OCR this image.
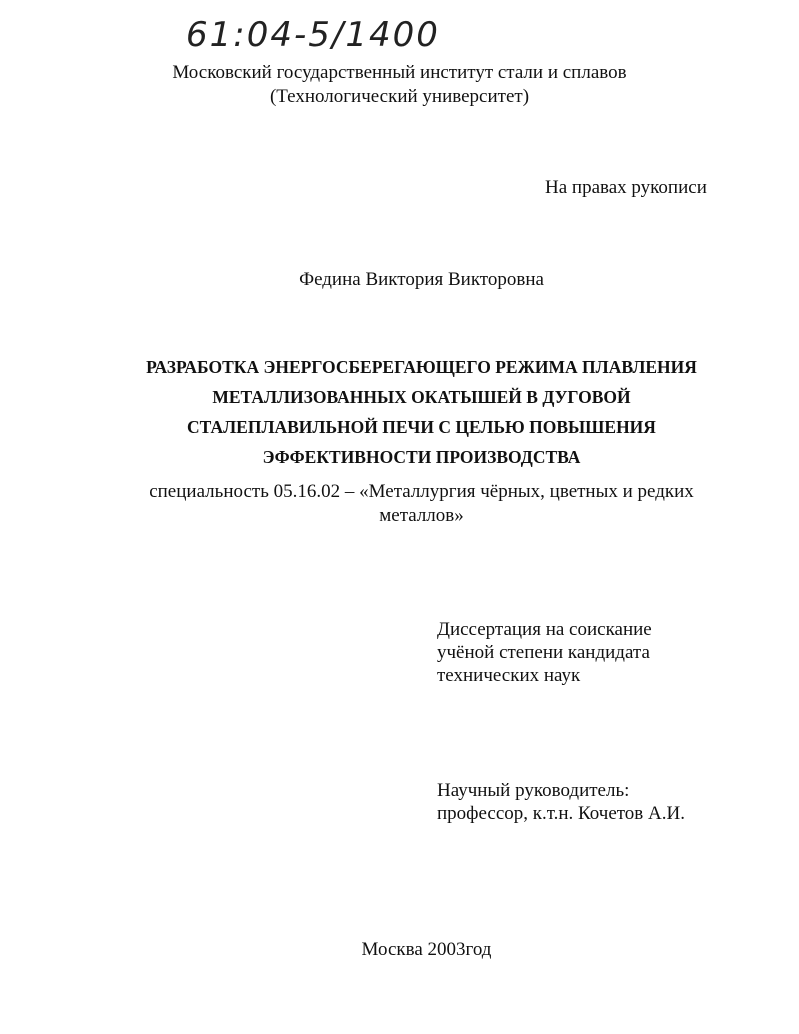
61:04-5/1400
Московский государственный институт стали и сплавов
(Технологический университет)
На правах рукописи
Федина Виктория Викторовна
РАЗРАБОТКА ЭНЕРГОСБЕРЕГАЮЩЕГО РЕЖИМА ПЛАВЛЕНИЯ
МЕТАЛЛИЗОВАННЫХ ОКАТЫШЕЙ В ДУГОВОЙ
СТАЛЕПЛАВИЛЬНОЙ ПЕЧИ С ЦЕЛЬЮ ПОВЫШЕНИЯ
ЭФФЕКТИВНОСТИ ПРОИЗВОДСТВА
специальность 05.16.02 – «Металлургия чёрных, цветных и редких
металлов»
Диссертация на соискание
учёной степени кандидата
технических наук
Научный руководитель:
профессор, к.т.н. Кочетов А.И.
Москва 2003год
